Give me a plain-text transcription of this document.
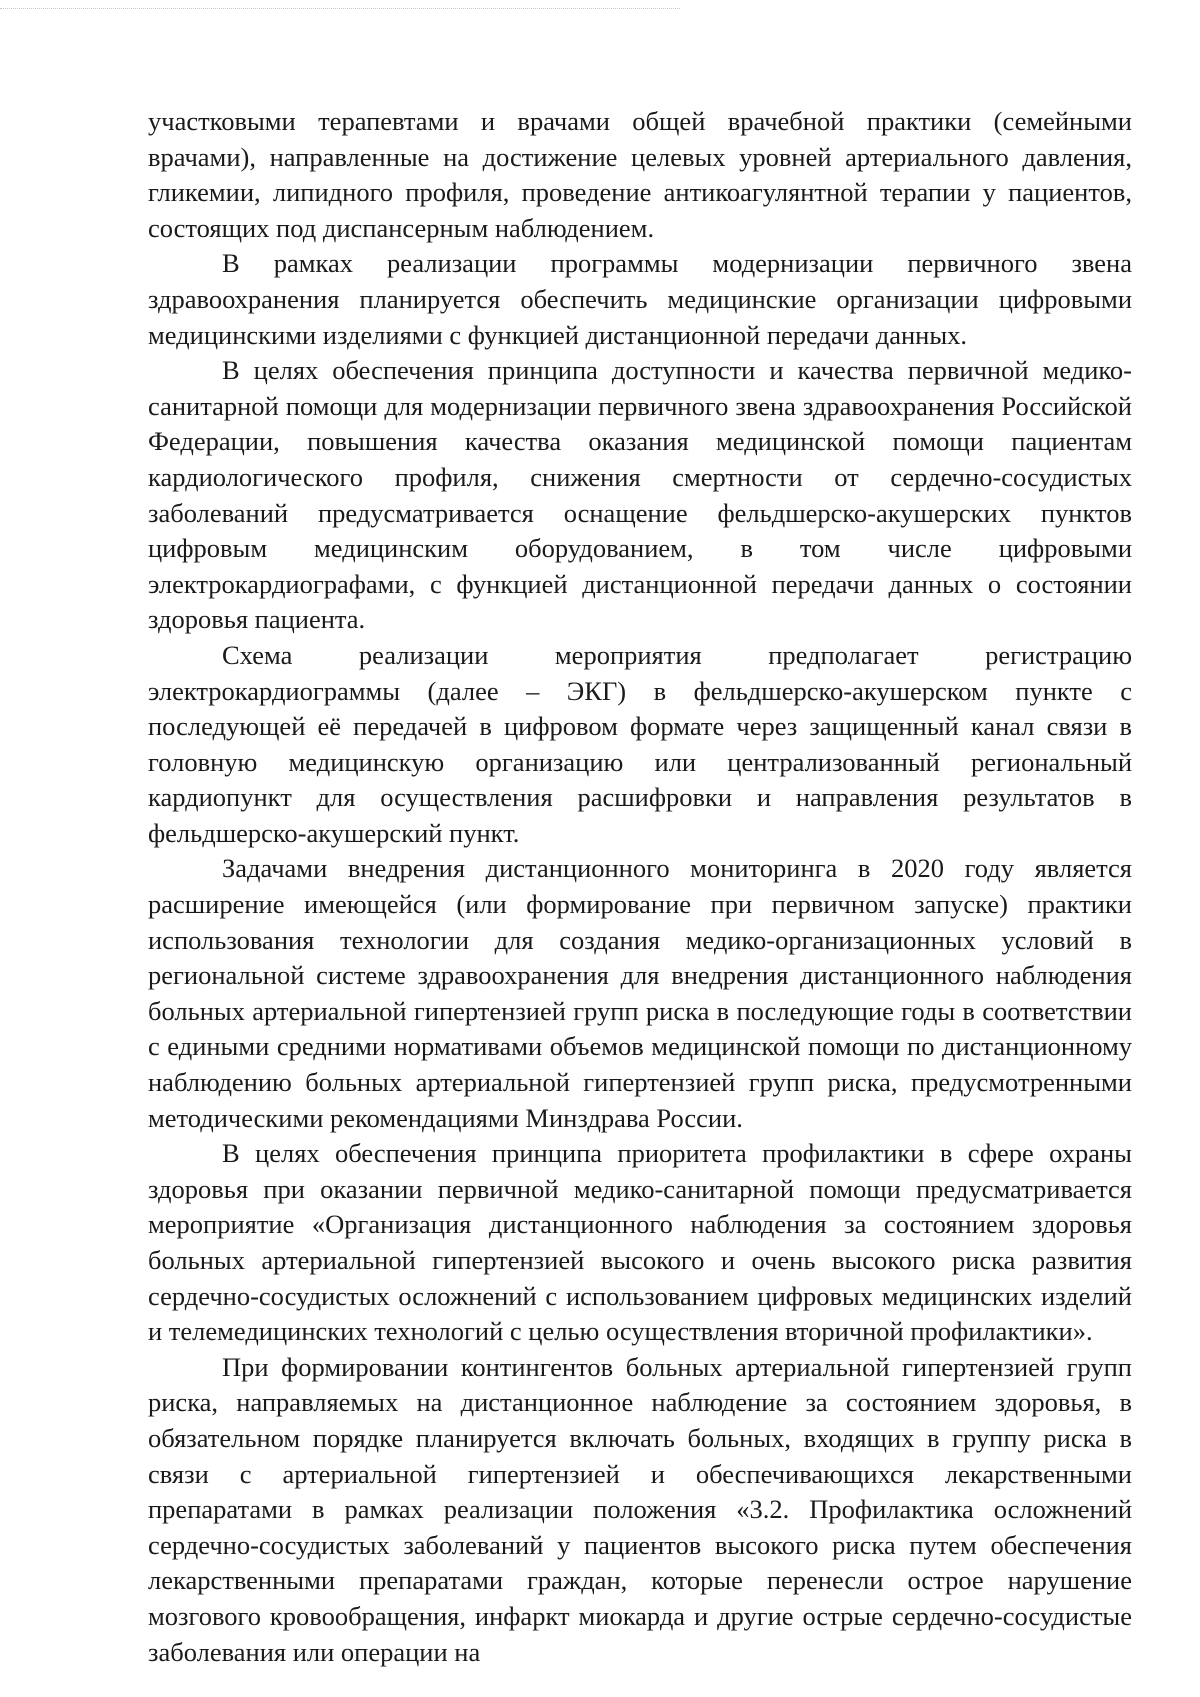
участковыми терапевтами и врачами общей врачебной практики (семейными врачами), направленные на достижение целевых уровней артериального давления, гликемии, липидного профиля, проведение антикоагулянтной терапии у пациентов, состоящих под диспансерным наблюдением.

В рамках реализации программы модернизации первичного звена здравоохранения планируется обеспечить медицинские организации цифровыми медицинскими изделиями с функцией дистанционной передачи данных.

В целях обеспечения принципа доступности и качества первичной медико-санитарной помощи для модернизации первичного звена здравоохранения Российской Федерации, повышения качества оказания медицинской помощи пациентам кардиологического профиля, снижения смертности от сердечно-сосудистых заболеваний предусматривается оснащение фельдшерско-акушерских пунктов цифровым медицинским оборудованием, в том числе цифровыми электрокардиографами, с функцией дистанционной передачи данных о состоянии здоровья пациента.

Схема реализации мероприятия предполагает регистрацию электрокардиограммы (далее – ЭКГ) в фельдшерско-акушерском пункте с последующей её передачей в цифровом формате через защищенный канал связи в головную медицинскую организацию или централизованный региональный кардиопункт для осуществления расшифровки и направления результатов в фельдшерско-акушерский пункт.

Задачами внедрения дистанционного мониторинга в 2020 году является расширение имеющейся (или формирование при первичном запуске) практики использования технологии для создания медико-организационных условий в региональной системе здравоохранения для внедрения дистанционного наблюдения больных артериальной гипертензией групп риска в последующие годы в соответствии с едиными средними нормативами объемов медицинской помощи по дистанционному наблюдению больных артериальной гипертензией групп риска, предусмотренными методическими рекомендациями Минздрава России.

В целях обеспечения принципа приоритета профилактики в сфере охраны здоровья при оказании первичной медико-санитарной помощи предусматривается мероприятие «Организация дистанционного наблюдения за состоянием здоровья больных артериальной гипертензией высокого и очень высокого риска развития сердечно-сосудистых осложнений с использованием цифровых медицинских изделий и телемедицинских технологий с целью осуществления вторичной профилактики».

При формировании контингентов больных артериальной гипертензией групп риска, направляемых на дистанционное наблюдение за состоянием здоровья, в обязательном порядке планируется включать больных, входящих в группу риска в связи с артериальной гипертензией и обеспечивающихся лекарственными препаратами в рамках реализации положения «3.2. Профилактика осложнений сердечно-сосудистых заболеваний у пациентов высокого риска путем обеспечения лекарственными препаратами граждан, которые перенесли острое нарушение мозгового кровообращения, инфаркт миокарда и другие острые сердечно-сосудистые заболевания или операции на
